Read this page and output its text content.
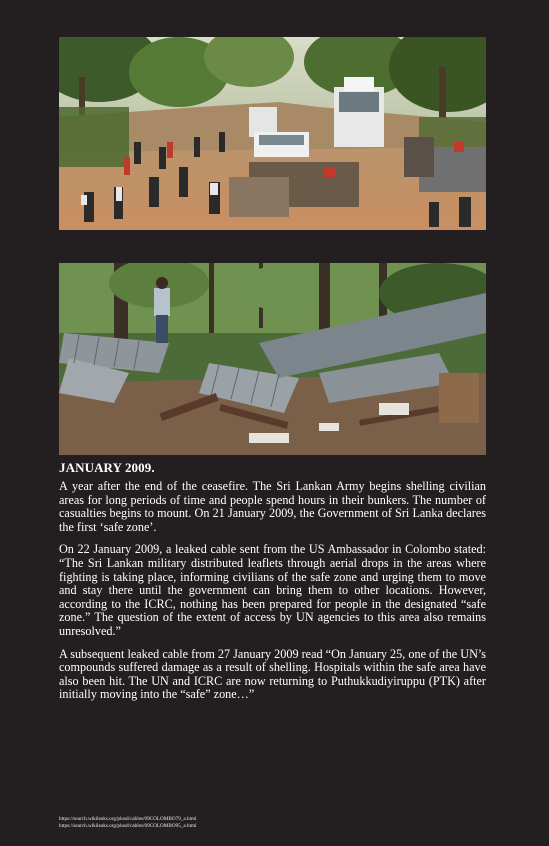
JANUARY 2009.

A year after the end of the ceasefire. The Sri Lankan Army begins shelling civilian areas for long periods of time and people spend hours in their bunkers. The number of casualties begins to mount. On 21 January 2009, the Government of Sri Lanka declares the first ‘safe zone’.

On 22 January 2009, a leaked cable sent from the US Ambassador in Colombo stated: “The Sri Lankan military distributed leaflets through aerial drops in the areas where fighting is taking place, informing civilians of the safe zone and urging them to move and stay there until the government can bring them to other locations. However, according to the ICRC, nothing has been prepared for people in the designated “safe zone.” The question of the extent of access by UN agencies to this area also remains unresolved.”

A subsequent leaked cable from 27 January 2009 read “On January 25, one of the UN’s compounds suffered damage as a result of shelling. Hospitals within the safe area have also been hit. The UN and ICRC are now returning to Puthukkudiyiruppu (PTK) after initially moving into the “safe” zone…”

https://search.wikileaks.org/plusd/cables/09COLOMBO79_a.html
https://search.wikileaks.org/plusd/cables/09COLOMBO95_a.html
